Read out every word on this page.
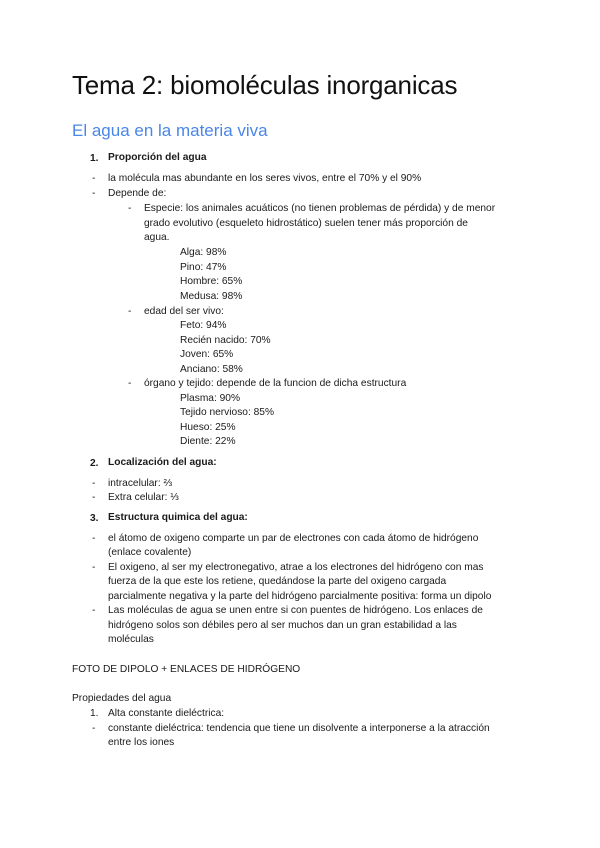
Tema 2: biomoléculas inorganicas
El agua en la materia viva
1. Proporción del agua
- la molécula mas abundante en los seres vivos, entre el 70% y el 90%
- Depende de:
- Especie: los animales acuáticos (no tienen problemas de pérdida) y de menor
grado evolutivo (esqueleto hidrostático) suelen tener más proporción de
agua.
Alga: 98%
Pino: 47%
Hombre: 65%
Medusa: 98%
- edad del ser vivo:
Feto: 94%
Recién nacido: 70%
Joven: 65%
Anciano: 58%
- órgano y tejido: depende de la funcion de dicha estructura
Plasma: 90%
Tejido nervioso: 85%
Hueso: 25%
Diente: 22%
2. Localización del agua:
- intracelular: ⅔
- Extra celular: ⅓
3. Estructura quimica del agua:
- el átomo de oxigeno comparte un par de electrones con cada átomo de hidrógeno
(enlace covalente)
- El oxigeno, al ser my electronegativo, atrae a los electrones del hidrógeno con mas
fuerza de la que este los retiene, quedándose la parte del oxigeno cargada
parcialmente negativa y la parte del hidrógeno parcialmente positiva: forma un dipolo
- Las moléculas de agua se unen entre si con puentes de hidrógeno. Los enlaces de
hidrógeno solos son débiles pero al ser muchos dan un gran estabilidad a las
moléculas
FOTO DE DIPOLO + ENLACES DE HIDRÓGENO
Propiedades del agua
1. Alta constante dieléctrica:
- constante dieléctrica: tendencia que tiene un disolvente a interponerse a la atracción
entre los iones
